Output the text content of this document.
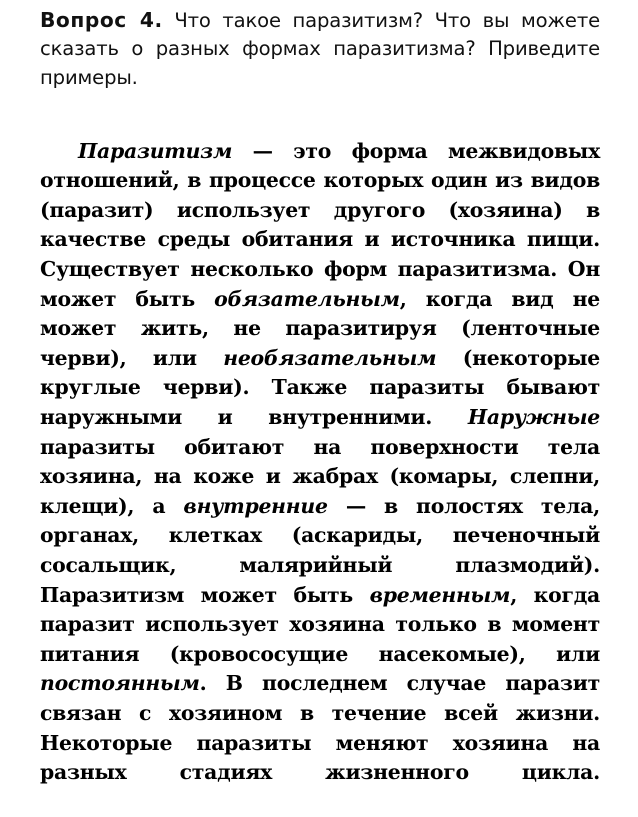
Вопрос 4. Что такое паразитизм? Что вы можете сказать о разных формах паразитизма? Приведите примеры.

Паразитизм — это форма межвидовых отношений, в процессе которых один из видов (паразит) использует другого (хозяина) в качестве среды обитания и источника пищи. Существует несколько форм паразитизма. Он может быть обязательным, когда вид не может жить, не паразитируя (ленточные черви), или необязательным (некоторые круглые черви). Также паразиты бывают наружными и внутренними. Наружные паразиты обитают на поверхности тела хозяина, на коже и жабрах (комары, слепни, клещи), а внутренние — в полостях тела, органах, клетках (аскариды, печеночный сосальщик, малярийный плазмодий). Паразитизм может быть временным, когда паразит использует хозяина только в момент питания (кровососущие насекомые), или постоянным. В последнем случае паразит связан с хозяином в течение всей жизни. Некоторые паразиты меняют хозяина на разных стадиях жизненного цикла.
